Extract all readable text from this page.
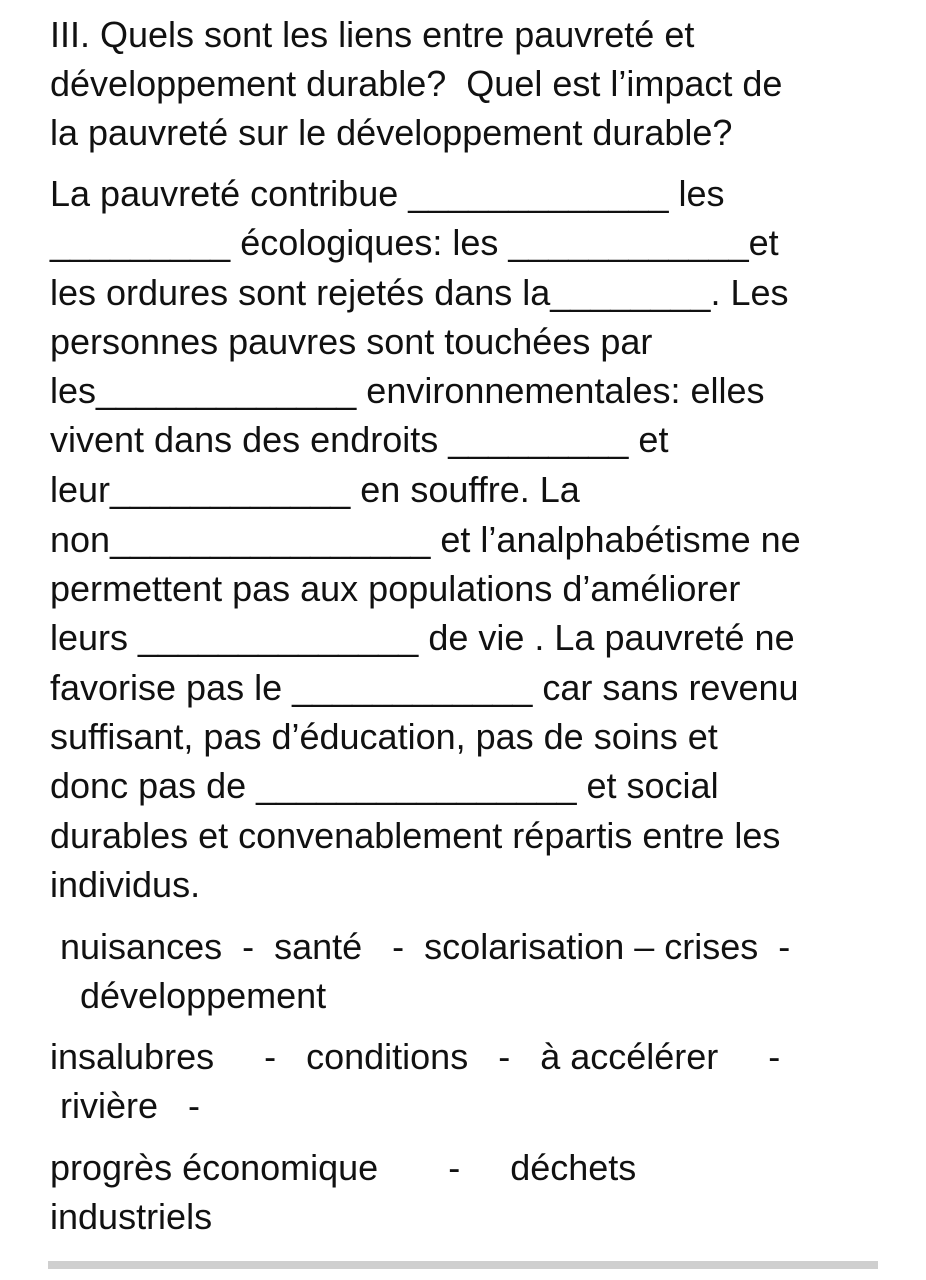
III. Quels sont les liens entre pauvreté et
développement durable?  Quel est l’impact de
la pauvreté sur le développement durable?
La pauvreté contribue _____________ les
_________ écologiques: les ____________et
les ordures sont rejetés dans la________. Les
personnes pauvres sont touchées par
les_____________ environnementales: elles
vivent dans des endroits _________ et
leur____________ en souffre. La
non________________ et l’analphabétisme ne
permettent pas aux populations d’améliorer
leurs ______________ de vie . La pauvreté ne
favorise pas le ____________ car sans revenu
suffisant, pas d’éducation, pas de soins et
donc pas de ________________ et social
durables et convenablement répartis entre les
individus.
nuisances  -  santé   -  scolarisation – crises  -
développement
insalubres     -   conditions   -   à accélérer     -
rivière   -
progrès économique       -     déchets
industriels
